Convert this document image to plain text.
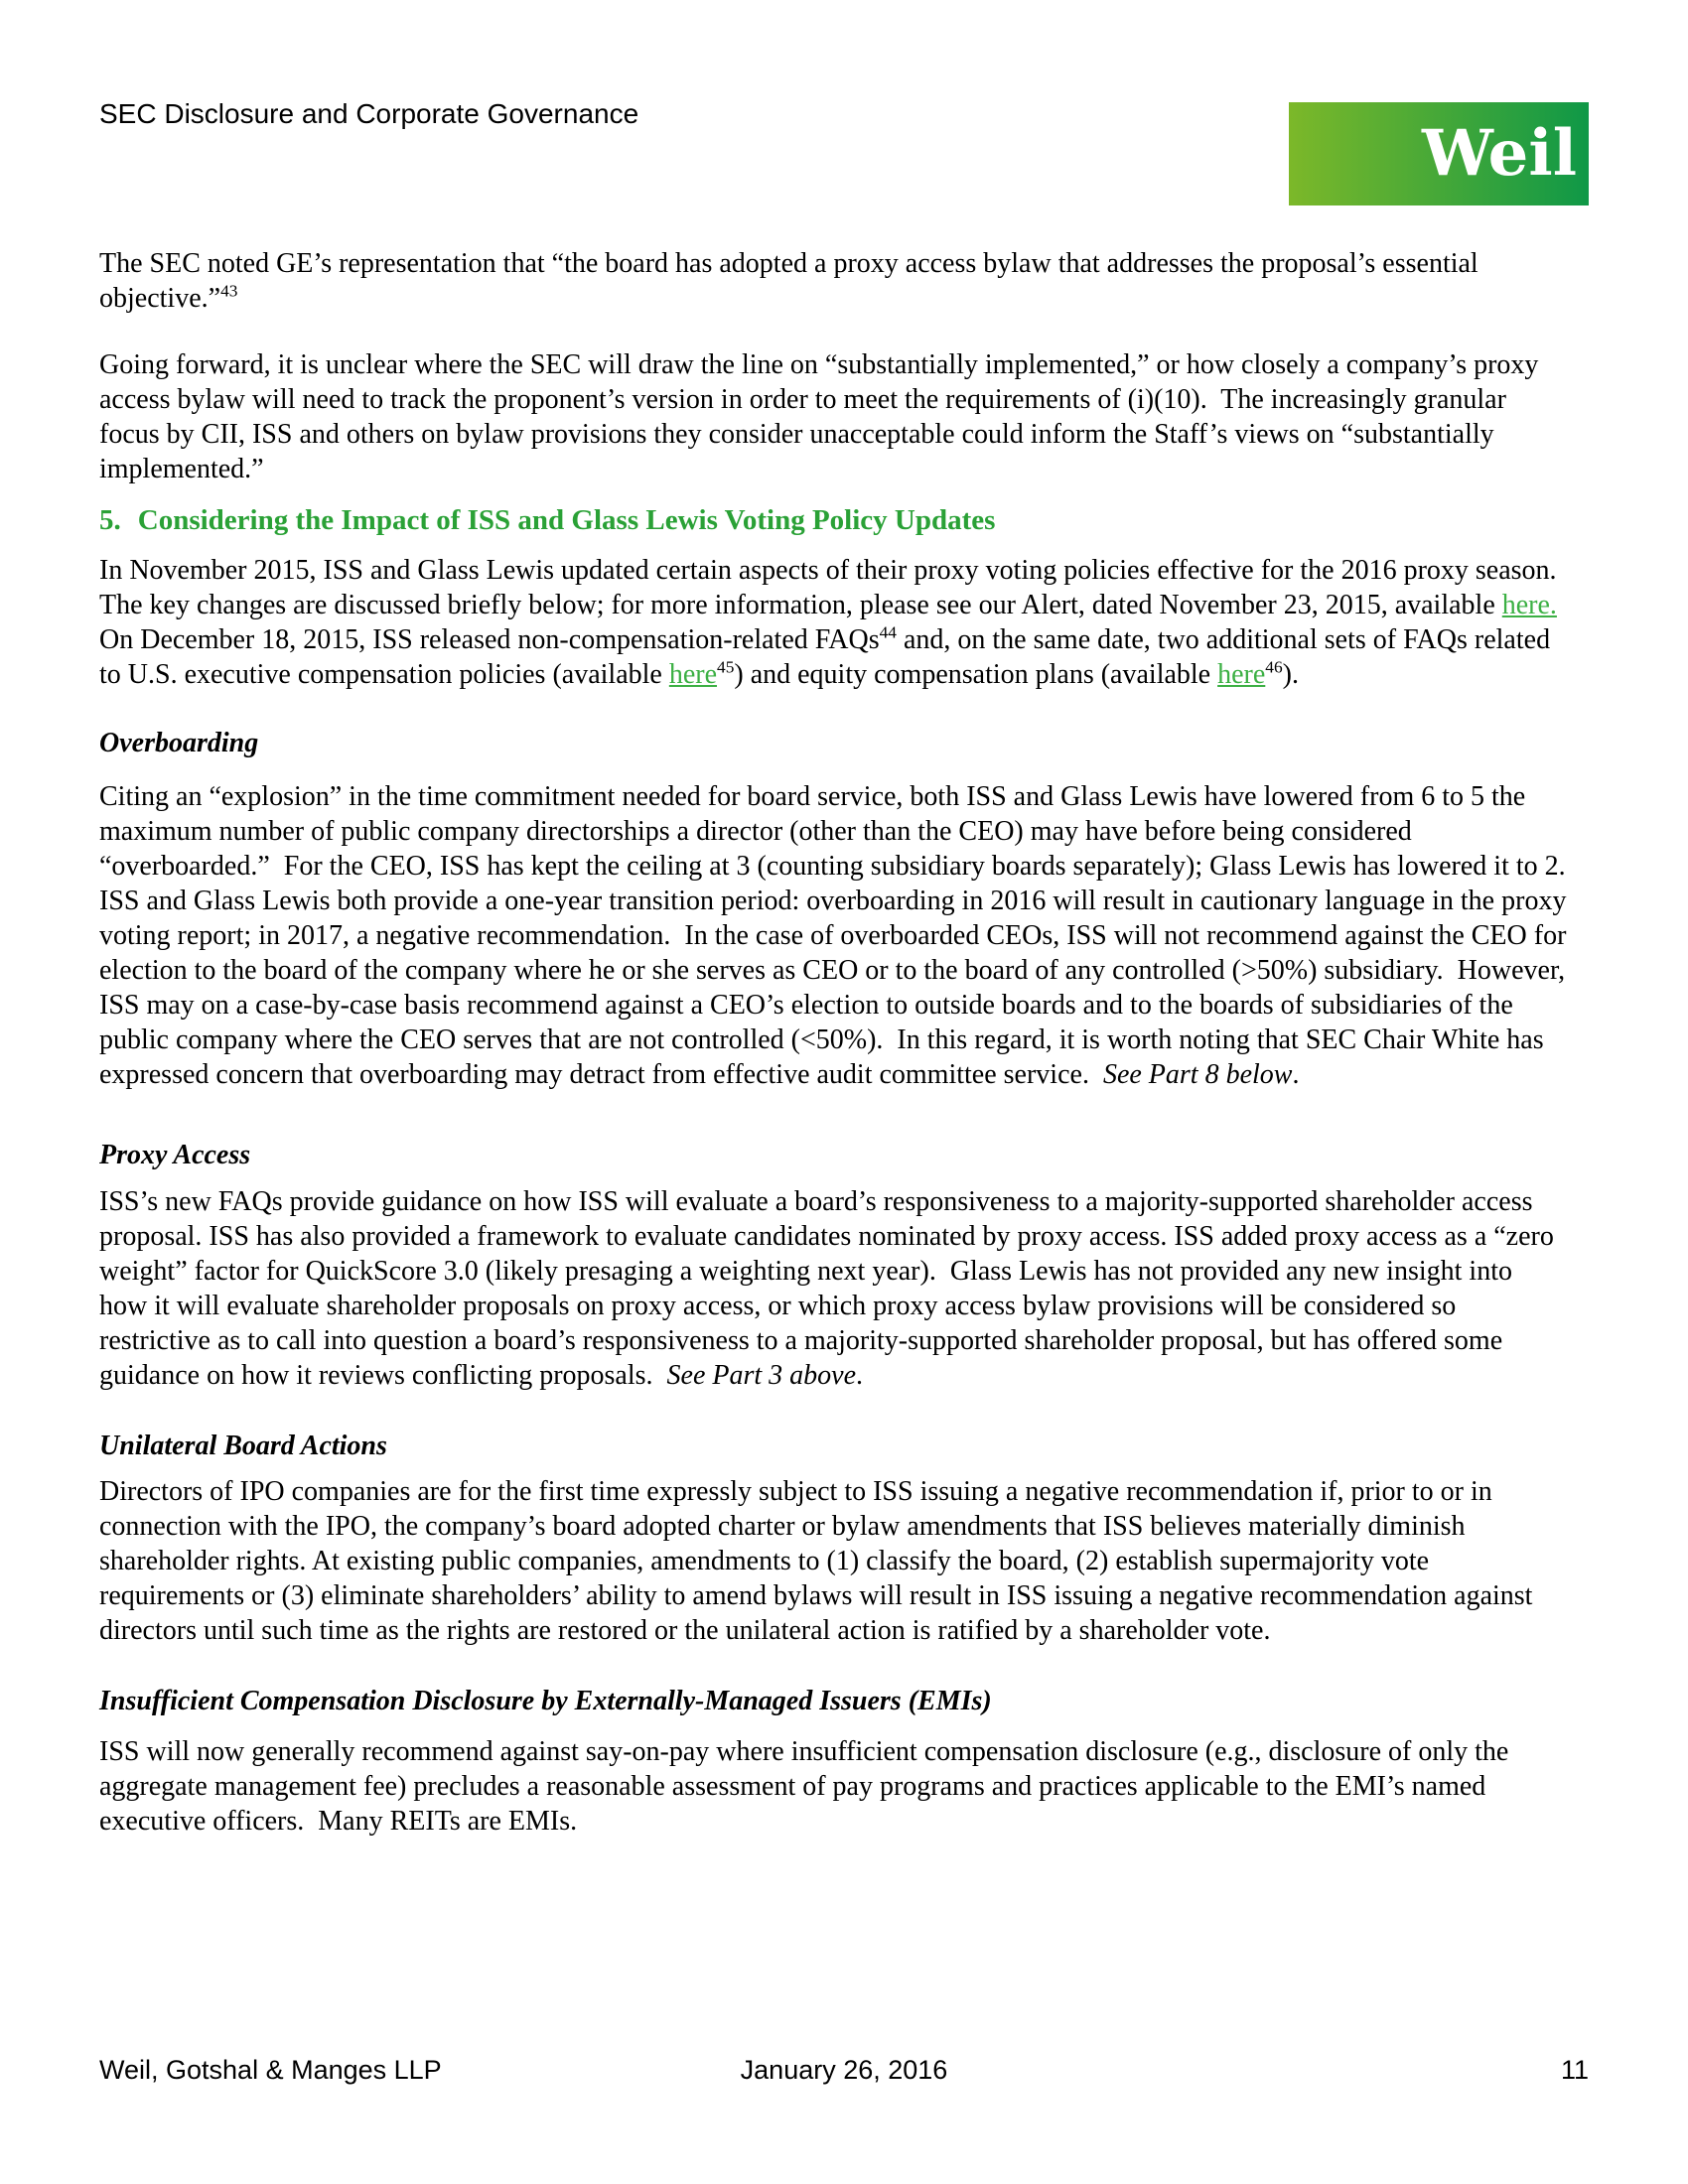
SEC Disclosure and Corporate Governance
Weil

The SEC noted GE’s representation that “the board has adopted a proxy access bylaw that addresses the proposal’s essential objective.”$^{43}$

Going forward, it is unclear where the SEC will draw the line on “substantially implemented,” or how closely a company’s proxy access bylaw will need to track the proponent’s version in order to meet the requirements of (i)(10).  The increasingly granular focus by CII, ISS and others on bylaw provisions they consider unacceptable could inform the Staff’s views on “substantially implemented.”

5. Considering the Impact of ISS and Glass Lewis Voting Policy Updates

In November 2015, ISS and Glass Lewis updated certain aspects of their proxy voting policies effective for the 2016 proxy season.  The key changes are discussed briefly below; for more information, please see our Alert, dated November 23, 2015, available here.  On December 18, 2015, ISS released non-compensation-related FAQs$^{44}$ and, on the same date, two additional sets of FAQs related to U.S. executive compensation policies (available here$^{45}$) and equity compensation plans (available here$^{46}$).

Overboarding

Citing an “explosion” in the time commitment needed for board service, both ISS and Glass Lewis have lowered from 6 to 5 the maximum number of public company directorships a director (other than the CEO) may have before being considered “overboarded.”  For the CEO, ISS has kept the ceiling at 3 (counting subsidiary boards separately); Glass Lewis has lowered it to 2.  ISS and Glass Lewis both provide a one-year transition period: overboarding in 2016 will result in cautionary language in the proxy voting report; in 2017, a negative recommendation.  In the case of overboarded CEOs, ISS will not recommend against the CEO for election to the board of the company where he or she serves as CEO or to the board of any controlled (>50%) subsidiary.  However, ISS may on a case-by-case basis recommend against a CEO’s election to outside boards and to the boards of subsidiaries of the public company where the CEO serves that are not controlled (<50%).  In this regard, it is worth noting that SEC Chair White has expressed concern that overboarding may detract from effective audit committee service.  See Part 8 below.

Proxy Access

ISS’s new FAQs provide guidance on how ISS will evaluate a board’s responsiveness to a majority-supported shareholder access proposal. ISS has also provided a framework to evaluate candidates nominated by proxy access. ISS added proxy access as a “zero weight” factor for QuickScore 3.0 (likely presaging a weighting next year).  Glass Lewis has not provided any new insight into how it will evaluate shareholder proposals on proxy access, or which proxy access bylaw provisions will be considered so restrictive as to call into question a board’s responsiveness to a majority-supported shareholder proposal, but has offered some guidance on how it reviews conflicting proposals.  See Part 3 above.

Unilateral Board Actions

Directors of IPO companies are for the first time expressly subject to ISS issuing a negative recommendation if, prior to or in connection with the IPO, the company’s board adopted charter or bylaw amendments that ISS believes materially diminish shareholder rights. At existing public companies, amendments to (1) classify the board, (2) establish supermajority vote requirements or (3) eliminate shareholders’ ability to amend bylaws will result in ISS issuing a negative recommendation against directors until such time as the rights are restored or the unilateral action is ratified by a shareholder vote.

Insufficient Compensation Disclosure by Externally-Managed Issuers (EMIs)

ISS will now generally recommend against say-on-pay where insufficient compensation disclosure (e.g., disclosure of only the aggregate management fee) precludes a reasonable assessment of pay programs and practices applicable to the EMI’s named executive officers.  Many REITs are EMIs.

Weil, Gotshal & Manges LLP	January 26, 2016	11
